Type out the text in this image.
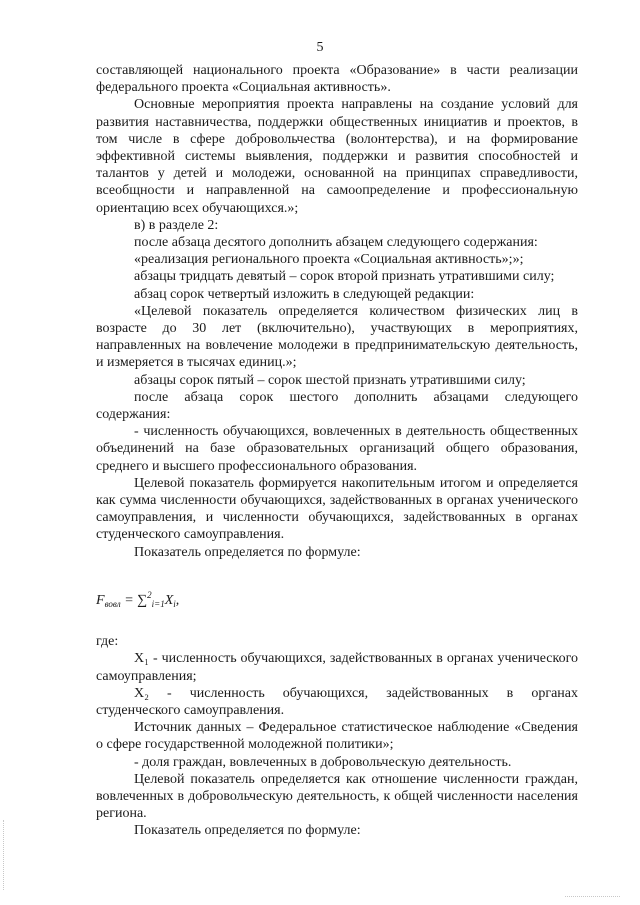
5

составляющей национального проекта «Образование» в части реализации федерального проекта «Социальная активность».

Основные мероприятия проекта направлены на создание условий для развития наставничества, поддержки общественных инициатив и проектов, в том числе в сфере добровольчества (волонтерства), и на формирование эффективной системы выявления, поддержки и развития способностей и талантов у детей и молодежи, основанной на принципах справедливости, всеобщности и направленной на самоопределение и профессиональную ориентацию всех обучающихся.»;

в) в разделе 2:

после абзаца десятого дополнить абзацем следующего содержания:

«реализация регионального проекта «Социальная активность»;»;

абзацы тридцать девятый – сорок второй признать утратившими силу;

абзац сорок четвертый изложить в следующей редакции:

«Целевой показатель определяется количеством физических лиц в возрасте до 30 лет (включительно), участвующих в мероприятиях, направленных на вовлечение молодежи в предпринимательскую деятельность, и измеряется в тысячах единиц.»;

абзацы сорок пятый – сорок шестой признать утратившими силу;

после абзаца сорок шестого дополнить абзацами следующего содержания:

- численность обучающихся, вовлеченных в деятельность общественных объединений на базе образовательных организаций общего образования, среднего и высшего профессионального образования.

Целевой показатель формируется накопительным итогом и определяется как сумма численности обучающихся, задействованных в органах ученического самоуправления, и численности обучающихся, задействованных в органах студенческого самоуправления.

Показатель определяется по формуле:

$F_{вовл} = \sum^2_{i=1}X_i$,

где:

X₁ - численность обучающихся, задействованных в органах ученического самоуправления;

X₂ - численность обучающихся, задействованных в органах студенческого самоуправления.

Источник данных – Федеральное статистическое наблюдение «Сведения о сфере государственной молодежной политики»;

- доля граждан, вовлеченных в добровольческую деятельность.

Целевой показатель определяется как отношение численности граждан, вовлеченных в добровольческую деятельность, к общей численности населения региона.

Показатель определяется по формуле:
